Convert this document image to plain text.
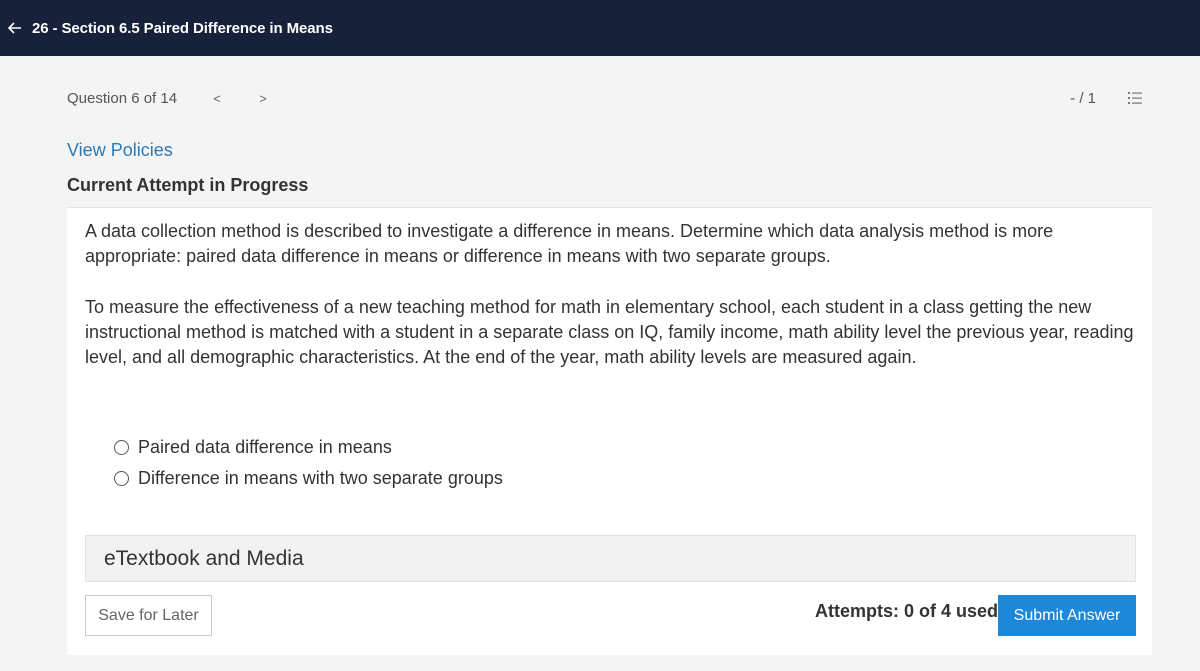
26 - Section 6.5 Paired Difference in Means
Question 6 of 14	<	>	- / 1
View Policies
Current Attempt in Progress

A data collection method is described to investigate a difference in means. Determine which data analysis method is more appropriate: paired data difference in means or difference in means with two separate groups.

To measure the effectiveness of a new teaching method for math in elementary school, each student in a class getting the new instructional method is matched with a student in a separate class on IQ, family income, math ability level the previous year, reading level, and all demographic characteristics. At the end of the year, math ability levels are measured again.

Paired data difference in means
Difference in means with two separate groups
eTextbook and Media
Save for Later	Attempts: 0 of 4 used Submit Answer
